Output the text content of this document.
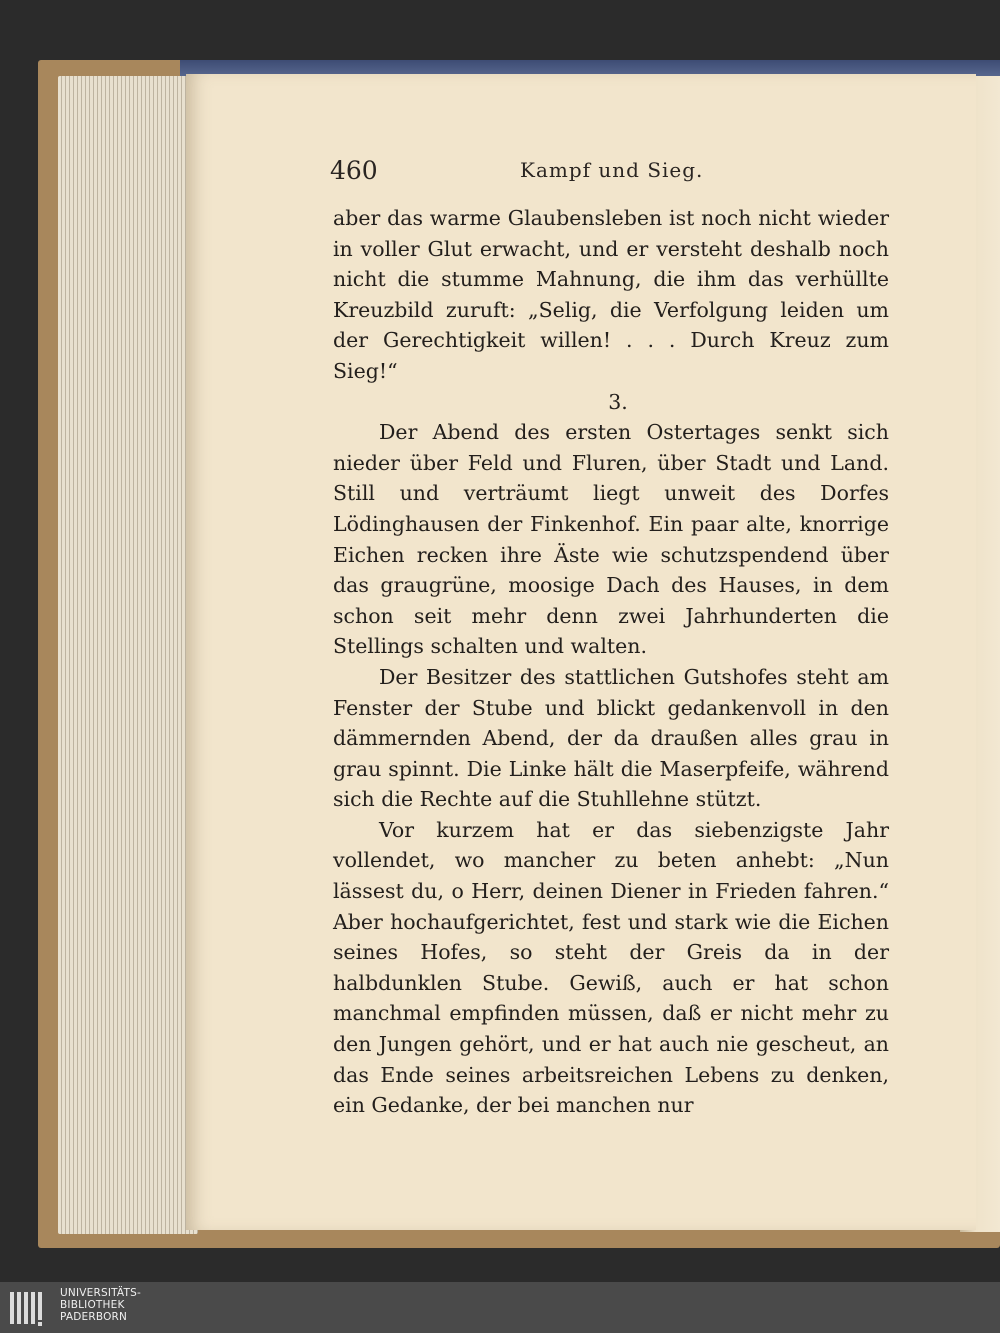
460	Kampf und Sieg.

aber das warme Glaubensleben ist noch nicht wieder in voller Glut erwacht, und er versteht deshalb noch nicht die stumme Mahnung, die ihm das verhüllte Kreuzbild zuruft: „Selig, die Verfolgung leiden um der Gerechtigkeit willen! . . . Durch Kreuz zum Sieg!“

3.

Der Abend des ersten Ostertages senkt sich nieder über Feld und Fluren, über Stadt und Land. Still und verträumt liegt unweit des Dorfes Lödinghausen der Finkenhof. Ein paar alte, knorrige Eichen recken ihre Äste wie schutzspendend über das graugrüne, moosige Dach des Hauses, in dem schon seit mehr denn zwei Jahrhunderten die Stellings schalten und walten.

Der Besitzer des stattlichen Gutshofes steht am Fenster der Stube und blickt gedankenvoll in den dämmernden Abend, der da draußen alles grau in grau spinnt. Die Linke hält die Maserpfeife, während sich die Rechte auf die Stuhllehne stützt.

Vor kurzem hat er das siebenzigste Jahr vollendet, wo mancher zu beten anhebt: „Nun lässest du, o Herr, deinen Diener in Frieden fahren.“ Aber hochaufgerichtet, fest und stark wie die Eichen seines Hofes, so steht der Greis da in der halbdunklen Stube. Gewiß, auch er hat schon manchmal empfinden müssen, daß er nicht mehr zu den Jungen gehört, und er hat auch nie gescheut, an das Ende seines arbeitsreichen Lebens zu denken, ein Gedanke, der bei manchen nur

UNIVERSITÄTS-
BIBLIOTHEK
PADERBORN
